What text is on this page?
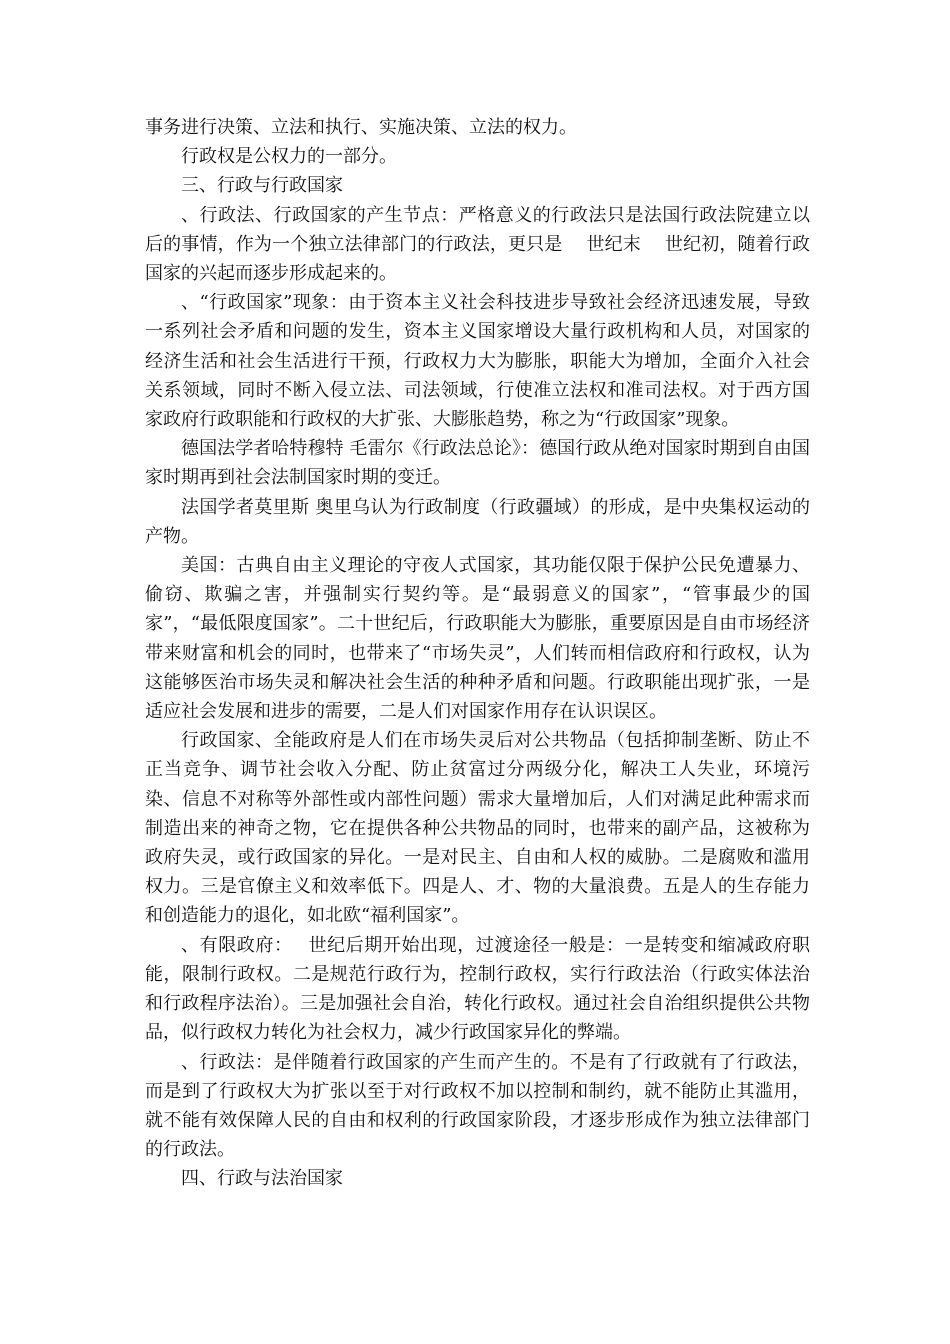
事务进行决策、立法和执行、实施决策、立法的权力。

行政权是公权力的一部分。

三、行政与行政国家

、行政法、行政国家的产生节点：严格意义的行政法只是法国行政法院建立以后的事情，作为一个独立法律部门的行政法，更只是　 世纪末　 世纪初，随着行政国家的兴起而逐步形成起来的。

、“行政国家”现象：由于资本主义社会科技进步导致社会经济迅速发展，导致一系列社会矛盾和问题的发生，资本主义国家增设大量行政机构和人员，对国家的经济生活和社会生活进行干预，行政权力大为膨胀，职能大为增加，全面介入社会关系领域，同时不断入侵立法、司法领域，行使准立法权和准司法权。对于西方国家政府行政职能和行政权的大扩张、大膨胀趋势，称之为“行政国家”现象。

德国法学者哈特穆特 毛雷尔《行政法总论》：德国行政从绝对国家时期到自由国家时期再到社会法制国家时期的变迁。

法国学者莫里斯 奥里乌认为行政制度（行政疆域）的形成，是中央集权运动的产物。

美国：古典自由主义理论的守夜人式国家，其功能仅限于保护公民免遭暴力、偷窃、欺骗之害，并强制实行契约等。是“最弱意义的国家”，“管事最少的国家”，“最低限度国家”。二十世纪后，行政职能大为膨胀，重要原因是自由市场经济带来财富和机会的同时，也带来了“市场失灵”，人们转而相信政府和行政权，认为这能够医治市场失灵和解决社会生活的种种矛盾和问题。行政职能出现扩张，一是适应社会发展和进步的需要，二是人们对国家作用存在认识误区。

行政国家、全能政府是人们在市场失灵后对公共物品（包括抑制垄断、防止不正当竞争、调节社会收入分配、防止贫富过分两级分化，解决工人失业，环境污染、信息不对称等外部性或内部性问题）需求大量增加后，人们对满足此种需求而制造出来的神奇之物，它在提供各种公共物品的同时，也带来的副产品，这被称为政府失灵，或行政国家的异化。一是对民主、自由和人权的威胁。二是腐败和滥用权力。三是官僚主义和效率低下。四是人、才、物的大量浪费。五是人的生存能力和创造能力的退化，如北欧“福利国家”。

、有限政府：　 世纪后期开始出现，过渡途径一般是：一是转变和缩减政府职能，限制行政权。二是规范行政行为，控制行政权，实行行政法治（行政实体法治和行政程序法治）。三是加强社会自治，转化行政权。通过社会自治组织提供公共物品，似行政权力转化为社会权力，减少行政国家异化的弊端。

、行政法：是伴随着行政国家的产生而产生的。不是有了行政就有了行政法，而是到了行政权大为扩张以至于对行政权不加以控制和制约，就不能防止其滥用，就不能有效保障人民的自由和权利的行政国家阶段，才逐步形成作为独立法律部门的行政法。

四、行政与法治国家
